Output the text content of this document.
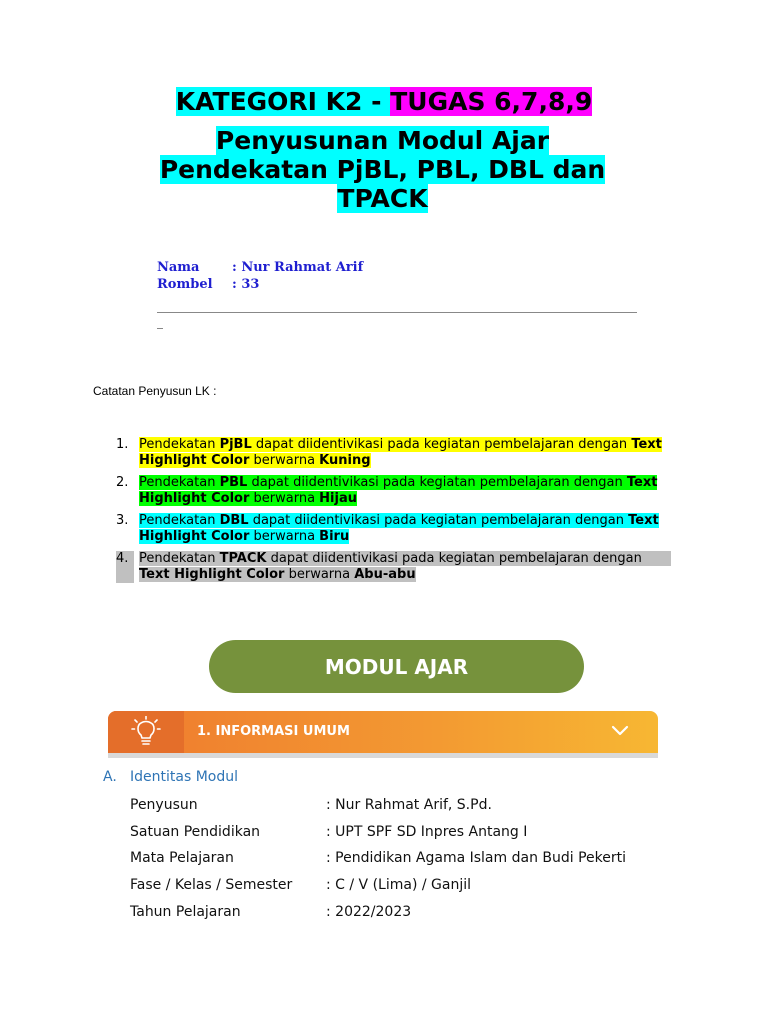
KATEGORI K2 - TUGAS 6,7,8,9
Penyusunan Modul Ajar Pendekatan PjBL, PBL, DBL dan TPACK
Nama	: Nur Rahmat Arif
Rombel : 33
________________________________________________________________________________
_
Catatan Penyusun LK :
1. Pendekatan PjBL dapat diidentivikasi pada kegiatan pembelajaran dengan Text Highlight Color berwarna Kuning
2. Pendekatan PBL dapat diidentivikasi pada kegiatan pembelajaran dengan Text Highlight Color berwarna Hijau
3. Pendekatan DBL dapat diidentivikasi pada kegiatan pembelajaran dengan Text Highlight Color berwarna Biru
4. Pendekatan TPACK dapat diidentivikasi pada kegiatan pembelajaran dengan       Text Highlight Color berwarna Abu-abu
MODUL AJAR
1. INFORMASI UMUM
A. Identitas Modul
Penyusun	: Nur Rahmat Arif, S.Pd.
Satuan Pendidikan	: UPT SPF SD Inpres Antang I
Mata Pelajaran	: Pendidikan Agama Islam dan Budi Pekerti
Fase / Kelas / Semester	: C / V (Lima) / Ganjil
Tahun Pelajaran	: 2022/2023
